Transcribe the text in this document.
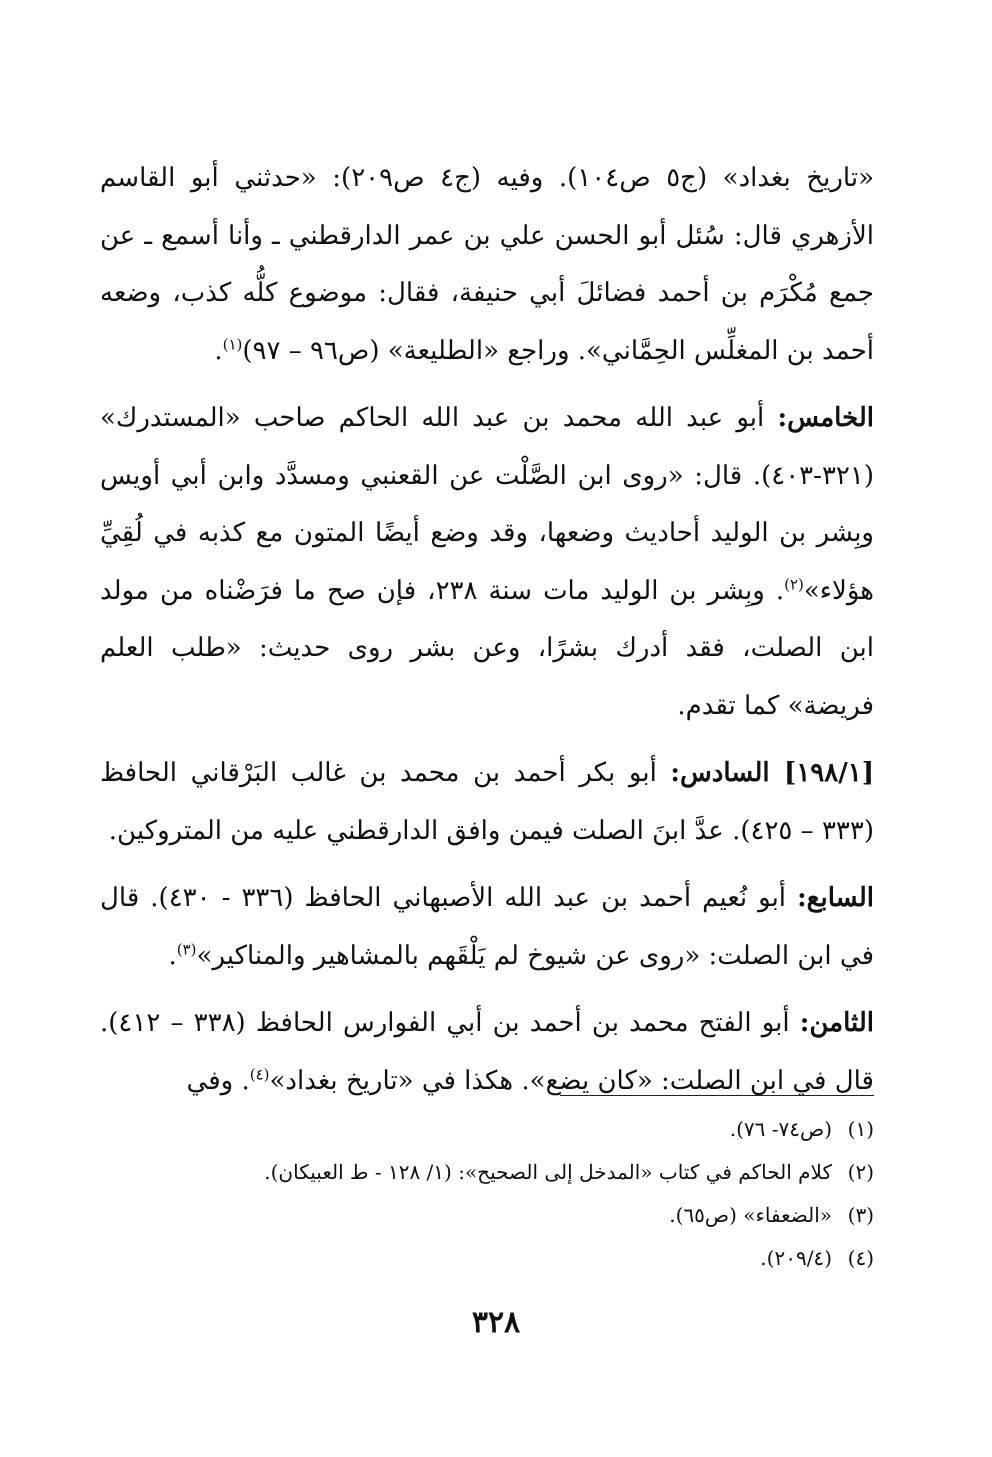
«تاريخ بغداد» (ج٥ ص١٠٤). وفيه (ج٤ ص٢٠٩): «حدثني أبو القاسم الأزهري قال: سُئل أبو الحسن علي بن عمر الدارقطني ـ وأنا أسمع ـ عن جمع مُكْرَم بن أحمد فضائلَ أبي حنيفة، فقال: موضوع كلُّه كذب، وضعه أحمد بن المغلِّس الحِمَّاني». وراجع «الطليعة» (ص٩٦ – ٩٧)$^{(١)}$.

الخامس: أبو عبد الله محمد بن عبد الله الحاكم صاحب «المستدرك» (٣٢١-٤٠٣). قال: «روى ابن الصَّلْت عن القعنبي ومسدَّد وابن أبي أويس وبِشر بن الوليد أحاديث وضعها، وقد وضع أيضًا المتون مع كذبه في لُقِيِّ هؤلاء»$^{(٢)}$. وبِشر بن الوليد مات سنة ٢٣٨، فإن صح ما فرَضْناه من مولد ابن الصلت، فقد أدرك بشرًا، وعن بشر روى حديث: «طلب العلم فريضة» كما تقدم.

[١٩٨/١] السادس: أبو بكر أحمد بن محمد بن غالب البَرْقاني الحافظ (٣٣٣ – ٤٢٥). عدَّ ابنَ الصلت فيمن وافق الدارقطني عليه من المتروكين.

السابع: أبو نُعيم أحمد بن عبد الله الأصبهاني الحافظ (٣٣٦ - ٤٣٠). قال في ابن الصلت: «روى عن شيوخ لم يَلْقَهم بالمشاهير والمناكير»$^{(٣)}$.

الثامن: أبو الفتح محمد بن أحمد بن أبي الفوارس الحافظ (٣٣٨ – ٤١٢). قال في ابن الصلت: «كان يضع». هكذا في «تاريخ بغداد»$^{(٤)}$. وفي

(١)
(ص٧٤- ٧٦).
(٢)
كلام الحاكم في كتاب «المدخل إلى الصحيح»: (١/ ١٢٨ - ط العبيكان).
(٣)
«الضعفاء» (ص٦٥).
(٤)
(٢٠٩/٤).
٣٢٨
